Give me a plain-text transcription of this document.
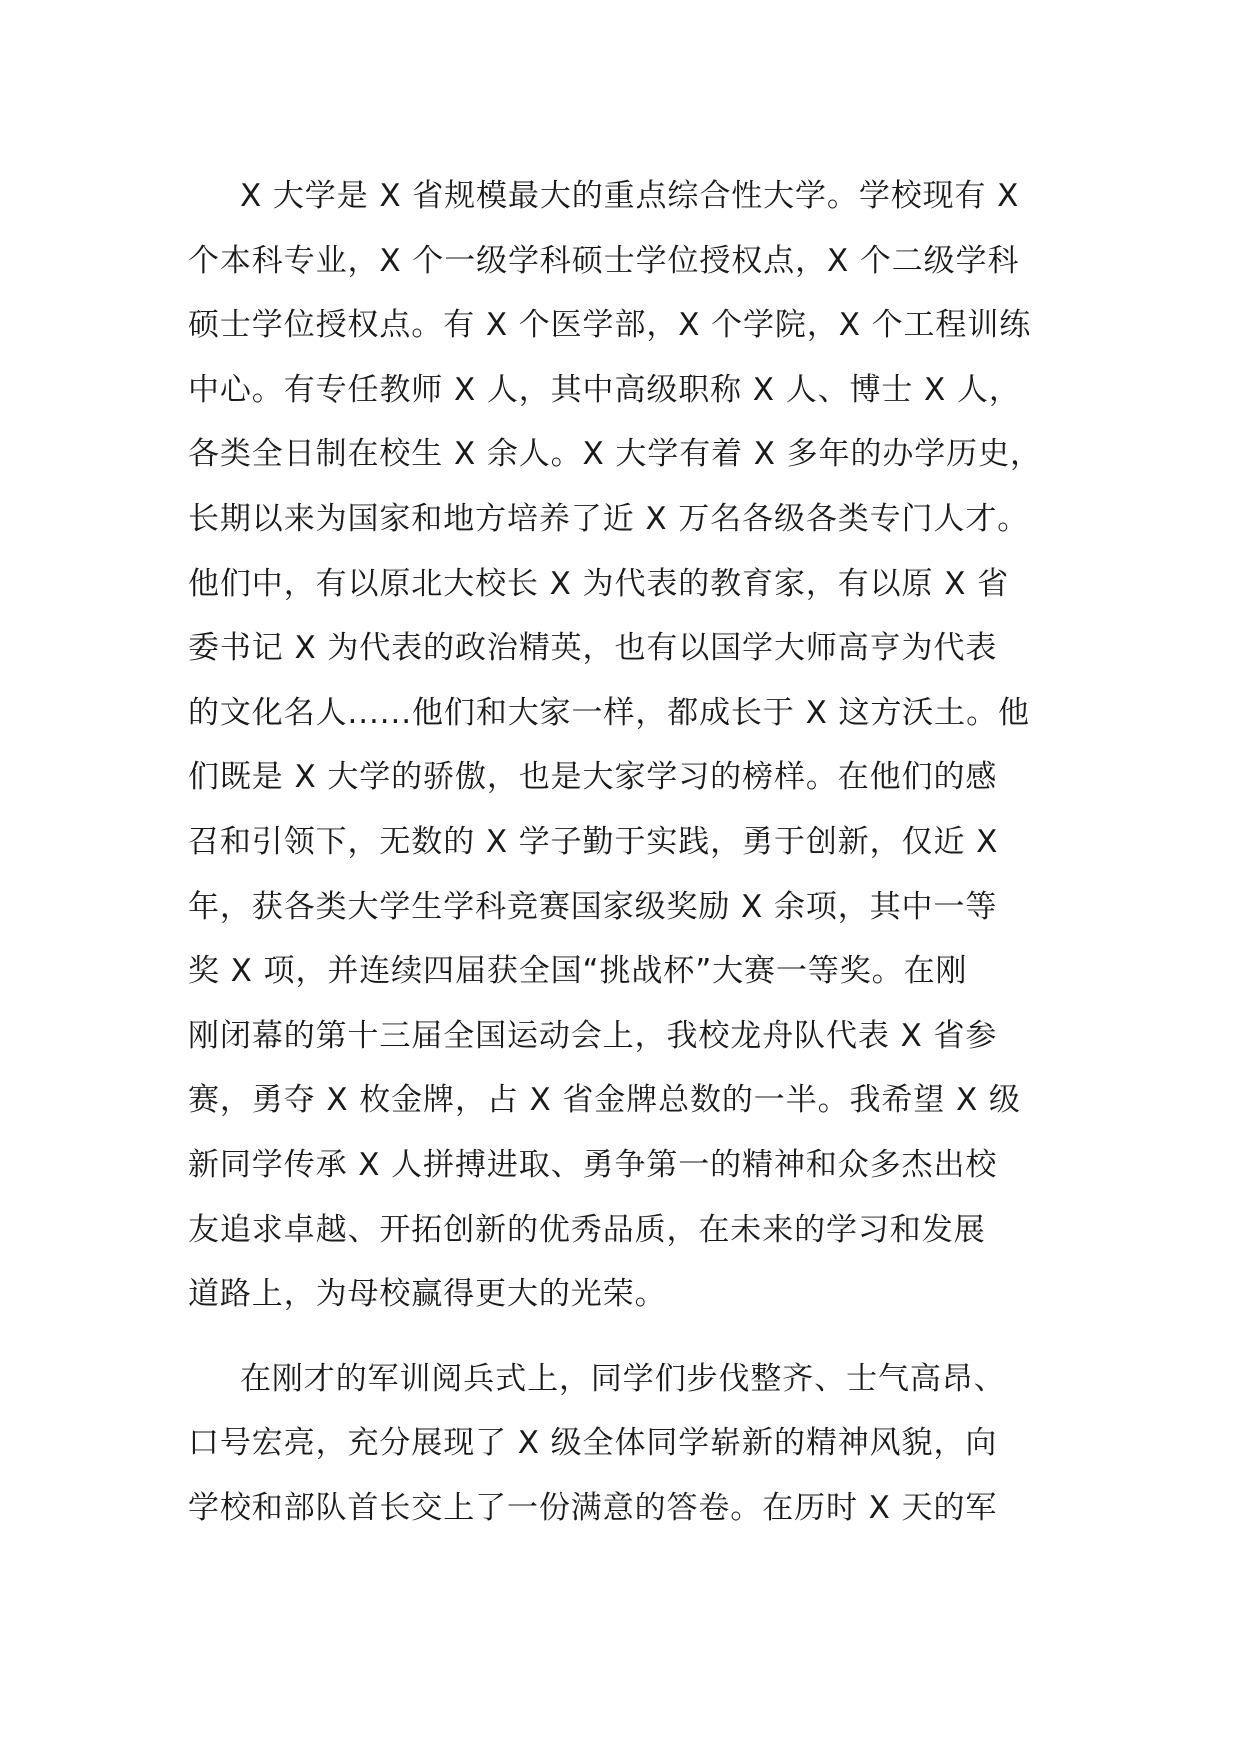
X 大学是 X 省规模最大的重点综合性大学。学校现有 X

个本科专业，X 个一级学科硕士学位授权点，X 个二级学科

硕士学位授权点。有 X 个医学部，X 个学院，X 个工程训练

中心。有专任教师 X 人，其中高级职称 X 人、博士 X 人，

各类全日制在校生 X 余人。X 大学有着 X 多年的办学历史，

长期以来为国家和地方培养了近 X 万名各级各类专门人才。

他们中，有以原北大校长 X 为代表的教育家，有以原 X 省

委书记 X 为代表的政治精英，也有以国学大师高亨为代表

的文化名人......他们和大家一样，都成长于 X 这方沃土。他

们既是 X 大学的骄傲，也是大家学习的榜样。在他们的感

召和引领下，无数的 X 学子勤于实践，勇于创新，仅近 X

年，获各类大学生学科竞赛国家级奖励 X 余项，其中一等

奖 X 项，并连续四届获全国“挑战杯”大赛一等奖。在刚

刚闭幕的第十三届全国运动会上，我校龙舟队代表 X 省参

赛，勇夺 X 枚金牌，占 X 省金牌总数的一半。我希望 X 级

新同学传承 X 人拼搏进取、勇争第一的精神和众多杰出校

友追求卓越、开拓创新的优秀品质，在未来的学习和发展

道路上，为母校赢得更大的光荣。

在刚才的军训阅兵式上，同学们步伐整齐、士气高昂、

口号宏亮，充分展现了 X 级全体同学崭新的精神风貌，向

学校和部队首长交上了一份满意的答卷。在历时 X 天的军
